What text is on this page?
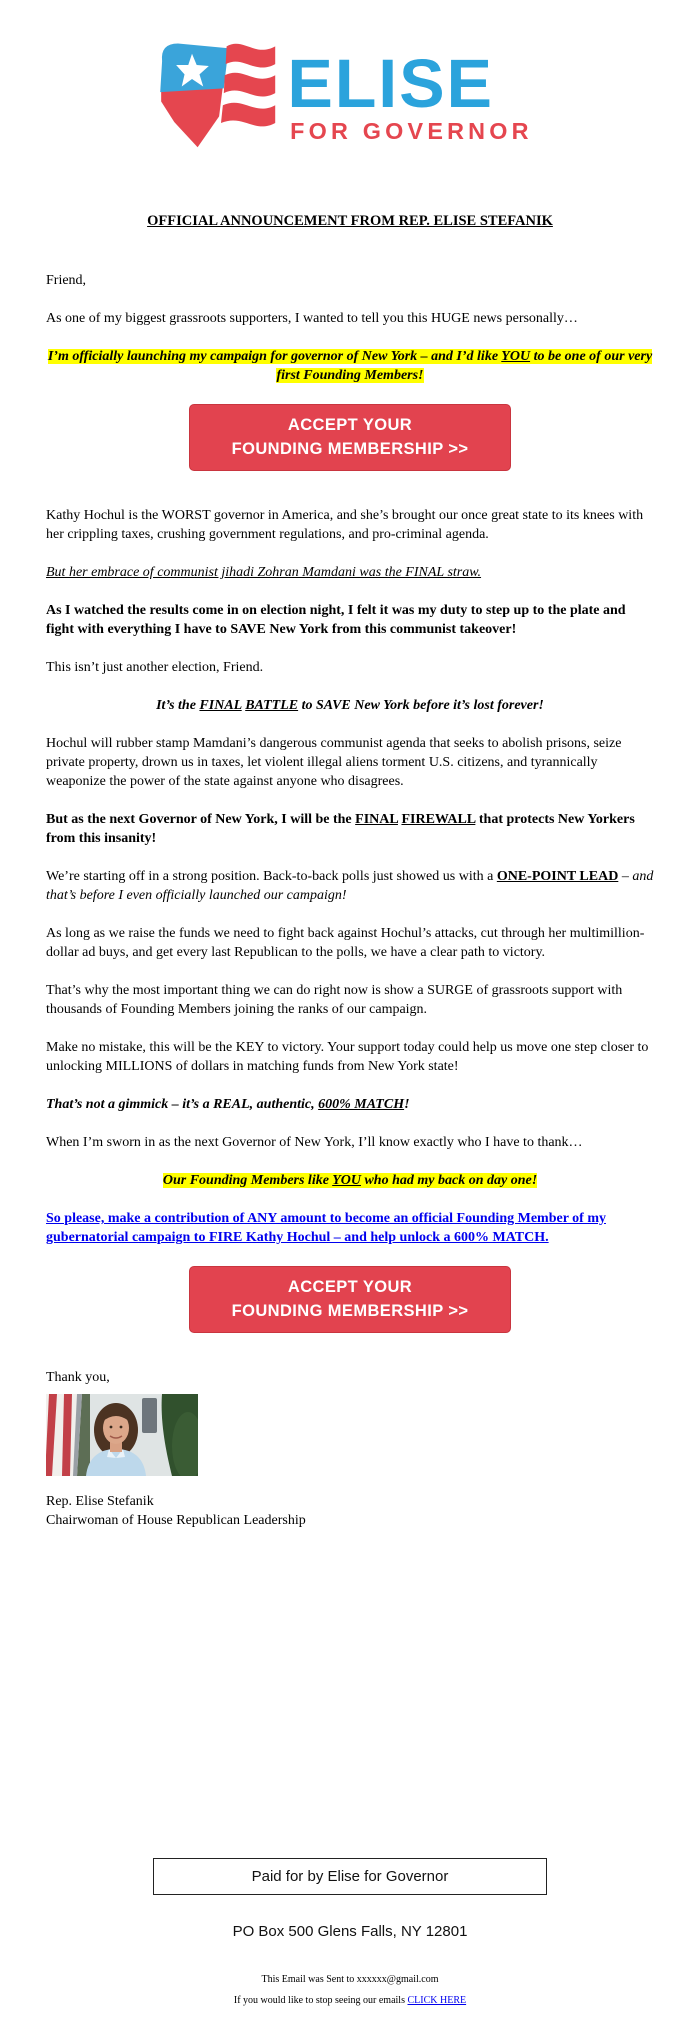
ELISE
FOR GOVERNOR
OFFICIAL ANNOUNCEMENT FROM REP. ELISE STEFANIK

Friend,

As one of my biggest grassroots supporters, I wanted to tell you this HUGE news personally…

I’m officially launching my campaign for governor of New York – and I’d like YOU to be one of our very first Founding Members!

ACCEPT YOUR
FOUNDING MEMBERSHIP >>

Kathy Hochul is the WORST governor in America, and she’s brought our once great state to its knees with her crippling taxes, crushing government regulations, and pro-criminal agenda.

But her embrace of communist jihadi Zohran Mamdani was the FINAL straw.

As I watched the results come in on election night, I felt it was my duty to step up to the plate and fight with everything I have to SAVE New York from this communist takeover!

This isn’t just another election, Friend.

It’s the FINAL BATTLE to SAVE New York before it’s lost forever!

Hochul will rubber stamp Mamdani’s dangerous communist agenda that seeks to abolish prisons, seize private property, drown us in taxes, let violent illegal aliens torment U.S. citizens, and tyrannically weaponize the power of the state against anyone who disagrees.

But as the next Governor of New York, I will be the FINAL FIREWALL that protects New Yorkers from this insanity!

We’re starting off in a strong position. Back-to-back polls just showed us with a ONE-POINT LEAD – and that’s before I even officially launched our campaign!

As long as we raise the funds we need to fight back against Hochul’s attacks, cut through her multimillion-dollar ad buys, and get every last Republican to the polls, we have a clear path to victory.

That’s why the most important thing we can do right now is show a SURGE of grassroots support with thousands of Founding Members joining the ranks of our campaign.

Make no mistake, this will be the KEY to victory. Your support today could help us move one step closer to unlocking MILLIONS of dollars in matching funds from New York state!

That’s not a gimmick – it’s a REAL, authentic, 600% MATCH!

When I’m sworn in as the next Governor of New York, I’ll know exactly who I have to thank…

Our Founding Members like YOU who had my back on day one!

So please, make a contribution of ANY amount to become an official Founding Member of my gubernatorial campaign to FIRE Kathy Hochul – and help unlock a 600% MATCH.

ACCEPT YOUR
FOUNDING MEMBERSHIP >>

Thank you,

Rep. Elise Stefanik
Chairwoman of House Republican Leadership
Paid for by Elise for Governor
PO Box 500 Glens Falls, NY 12801
This Email was Sent to xxxxxx@gmail.com
If you would like to stop seeing our emails CLICK HERE
